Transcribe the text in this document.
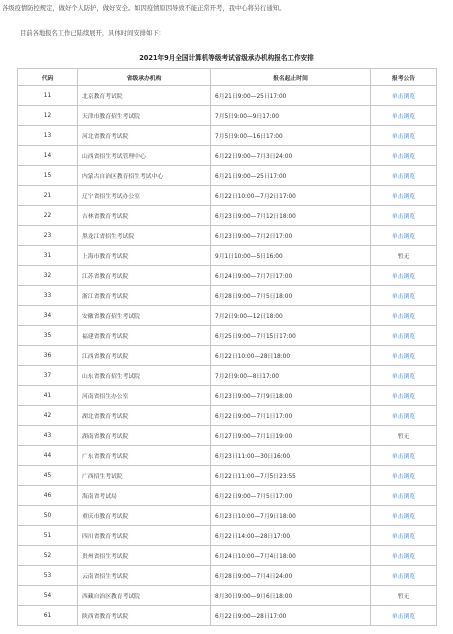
各级疫情防控规定，做好个人防护，做好安全。如因疫情原因导致不能正常开考，我中心将另行通知。
目前各地报名工作已陆续展开，具体时间安排如下：
2021年9月全国计算机等级考试省级承办机构报名工作安排
代码	省级承办机构	报名起止时间	报考公告
11	北京教育考试院	6月21日9:00—25日17:00	单击浏览
12	天津市教育招生考试院	7月5日9:00—9日17:00	单击浏览
13	河北省教育考试院	7月5日9:00—16日17:00	单击浏览
14	山西省招生考试管理中心	6月22日9:00—7月3日24:00	单击浏览
15	内蒙古自治区教育招生考试中心	6月21日9:00—25日17:00	单击浏览
21	辽宁省招生考试办公室	6月22日10:00—7月2日17:00	单击浏览
22	吉林省教育考试院	6月23日9:00—7月12日18:00	单击浏览
23	黑龙江省招生考试院	6月23日9:00—7月2日17:00	单击浏览
31	上海市教育考试院	9月1日10:00—5日16:00	暂无
32	江苏省教育考试院	6月24日9:00—7月7日17:00	单击浏览
33	浙江省教育考试院	6月28日9:00—7月5日18:00	单击浏览
34	安徽省教育招生考试院	7月2日9:00—12日18:00	单击浏览
35	福建省教育考试院	6月25日9:00—7月15日17:00	单击浏览
36	江西省教育考试院	6月22日10:00—28日18:00	单击浏览
37	山东省教育招生考试院	7月2日9:00—8日17:00	单击浏览
41	河南省招生办公室	6月23日9:00—7月9日18:00	单击浏览
42	湖北省教育考试院	6月22日9:00—7月1日17:00	单击浏览
43	湖南省教育考试院	6月27日9:00—7月1日19:00	暂无
44	广东省教育考试院	6月23日11:00—30日16:00	单击浏览
45	广西招生考试院	6月22日11:00—7月5日23:55	单击浏览
46	海南省考试局	6月22日9:00—7月5日17:00	单击浏览
50	重庆市教育考试院	6月23日10:00—7月9日18:00	单击浏览
51	四川省教育考试院	6月22日14:00—28日17:00	单击浏览
52	贵州省招生考试院	6月24日10:00—7月4日18:00	单击浏览
53	云南省招生考试院	6月28日9:00—7月4日24:00	单击浏览
54	西藏自治区教育考试院	8月30日9:00—9月6日18:00	暂无
61	陕西省教育考试院	6月22日9:00—28日17:00	单击浏览
